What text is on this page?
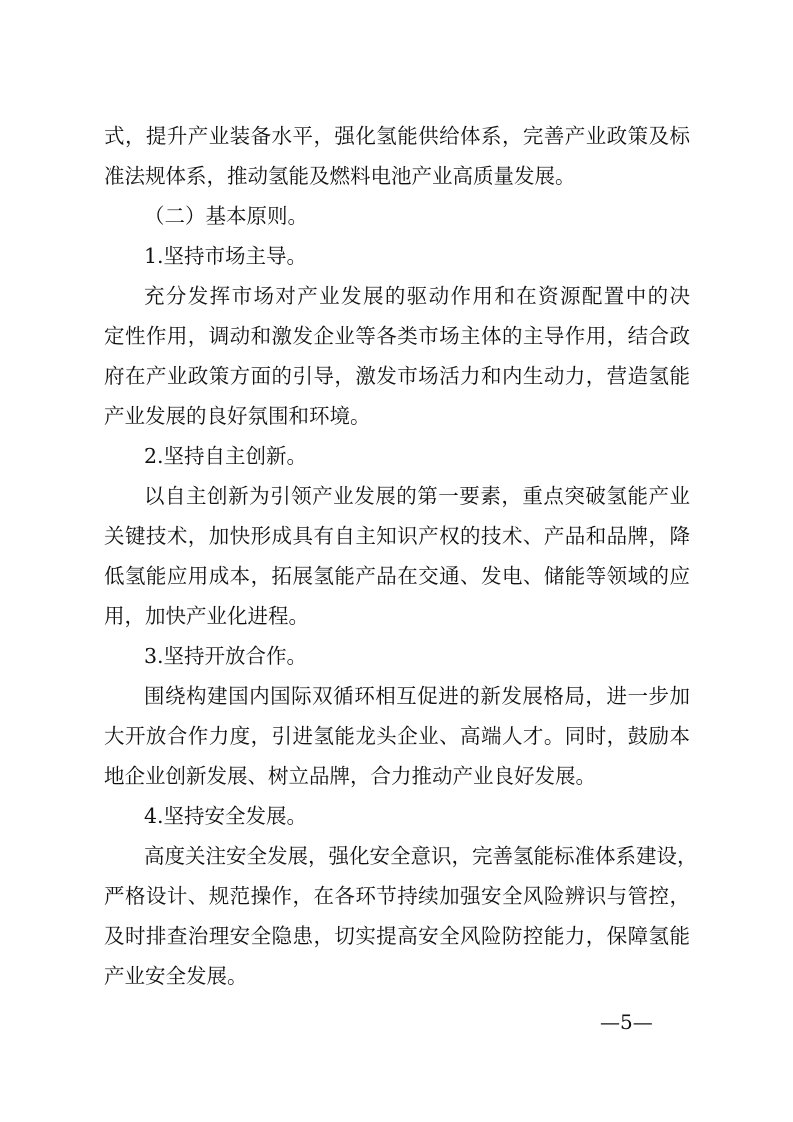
式，提升产业装备水平，强化氢能供给体系，完善产业政策及标
准法规体系，推动氢能及燃料电池产业高质量发展。
（二）基本原则。
1.坚持市场主导。
充分发挥市场对产业发展的驱动作用和在资源配置中的决
定性作用，调动和激发企业等各类市场主体的主导作用，结合政
府在产业政策方面的引导，激发市场活力和内生动力，营造氢能
产业发展的良好氛围和环境。
2.坚持自主创新。
以自主创新为引领产业发展的第一要素，重点突破氢能产业
关键技术，加快形成具有自主知识产权的技术、产品和品牌，降
低氢能应用成本，拓展氢能产品在交通、发电、储能等领域的应
用，加快产业化进程。
3.坚持开放合作。
围绕构建国内国际双循环相互促进的新发展格局，进一步加
大开放合作力度，引进氢能龙头企业、高端人才。同时，鼓励本
地企业创新发展、树立品牌，合力推动产业良好发展。
4.坚持安全发展。
高度关注安全发展，强化安全意识，完善氢能标准体系建设，
严格设计、规范操作，在各环节持续加强安全风险辨识与管控，
及时排查治理安全隐患，切实提高安全风险防控能力，保障氢能
产业安全发展。
—5—
